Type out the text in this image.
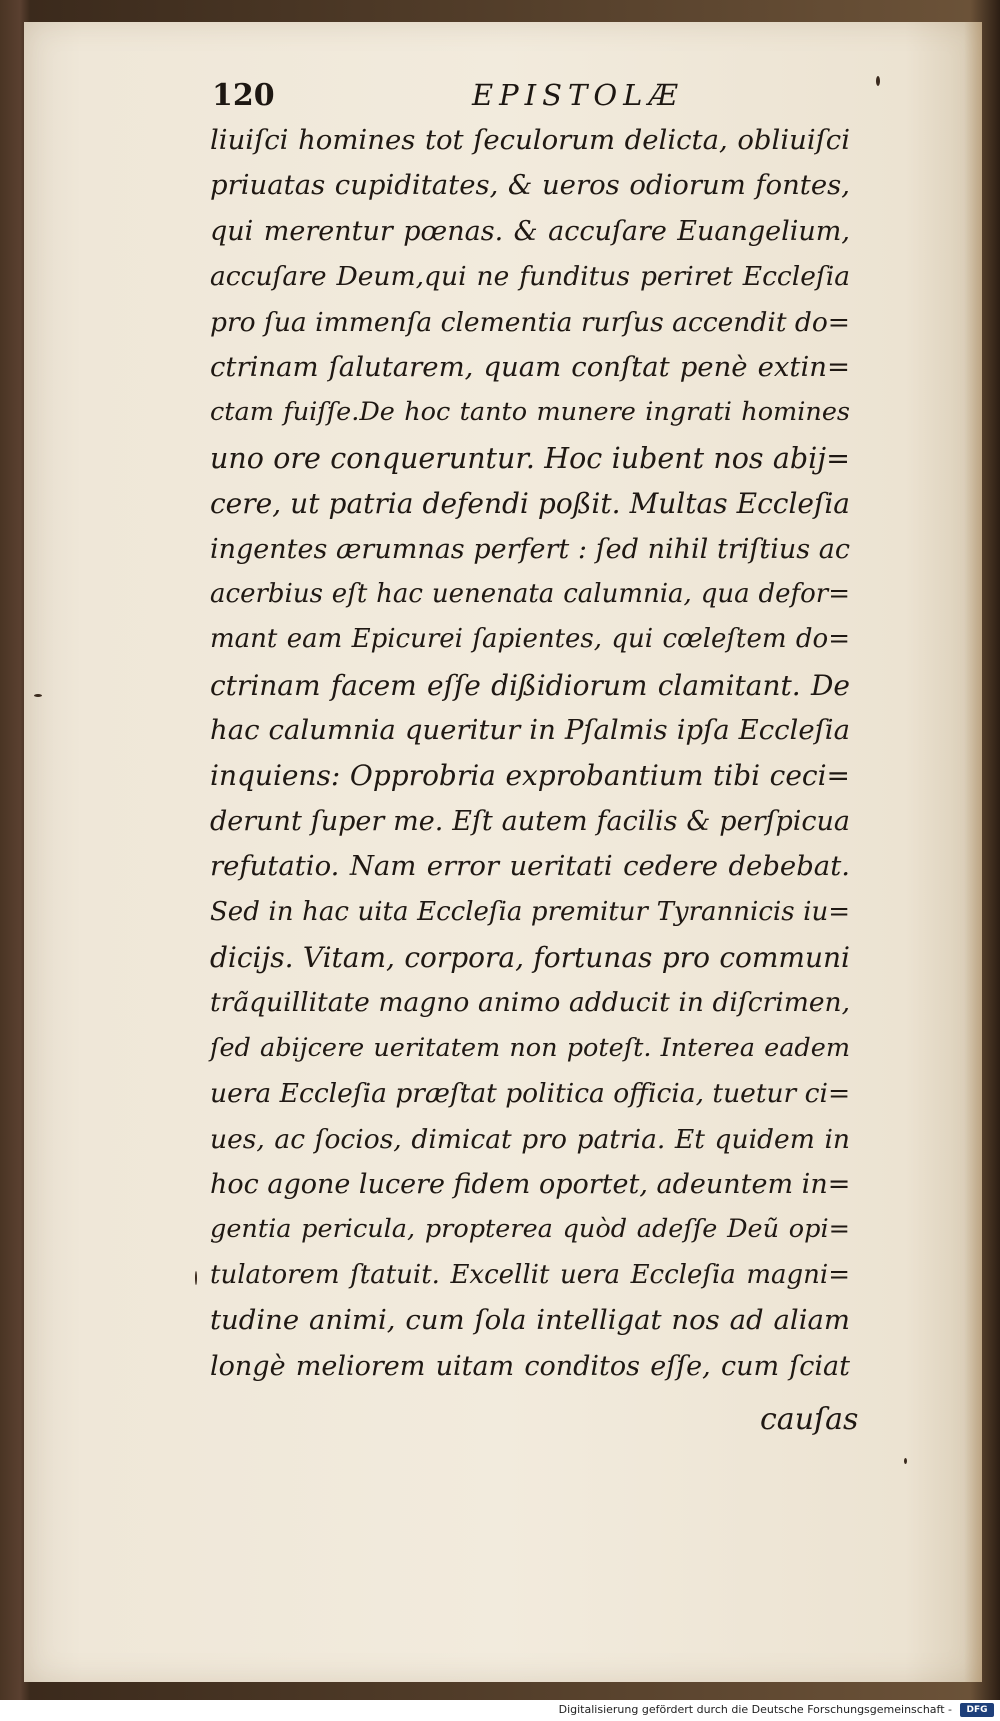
120	EPISTOLÆ
liuiſci homines tot ſeculorum delicta, obliuiſci
priuatas cupiditates, & ueros odiorum fontes,
qui merentur pœnas. & accuſare Euangelium,
accuſare Deum,qui ne funditus periret Eccleſia
pro ſua immenſa clementia rurſus accendit do=
ctrinam ſalutarem, quam conſtat penè extin=
ctam fuiſſe.De hoc tanto munere ingrati homines
uno ore conqueruntur. Hoc iubent nos abij=
cere, ut patria defendi poßit. Multas Eccleſia
ingentes ærumnas perfert : ſed nihil triſtius ac
acerbius eſt hac uenenata calumnia, qua defor=
mant eam Epicurei ſapientes, qui cœleſtem do=
ctrinam facem eſſe dißidiorum clamitant. De
hac calumnia queritur in Pſalmis ipſa Eccleſia
inquiens: Opprobria exprobantium tibi ceci=
derunt ſuper me. Eſt autem facilis & perſpicua
refutatio. Nam error ueritati cedere debebat.
Sed in hac uita Eccleſia premitur Tyrannicis iu=
dicijs. Vitam, corpora, fortunas pro communi
trãquillitate magno animo adducit in diſcrimen,
ſed abijcere ueritatem non poteſt. Interea eadem
uera Eccleſia præſtat politica officia, tuetur ci=
ues, ac ſocios, dimicat pro patria. Et quidem in
hoc agone lucere fidem oportet, adeuntem in=
gentia pericula, propterea quòd adeſſe Deũ opi=
tulatorem ſtatuit. Excellit uera Eccleſia magni=
tudine animi, cum ſola intelligat nos ad aliam
longè meliorem uitam conditos eſſe, cum ſciat
cauſas
Digitalisierung gefördert durch die Deutsche Forschungsgemeinschaft -	DFG
